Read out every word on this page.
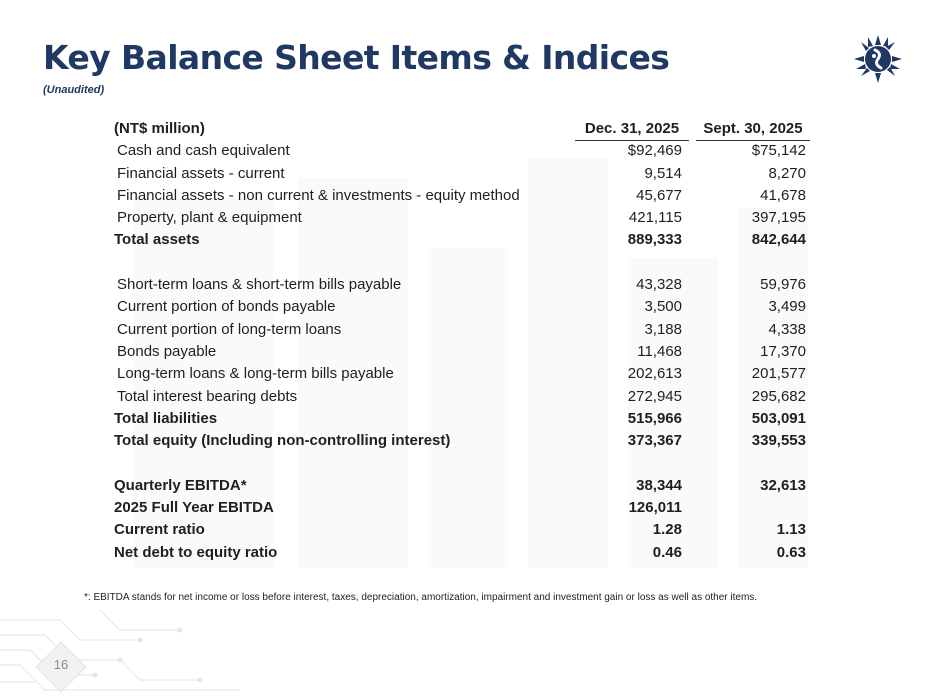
Key Balance Sheet Items & Indices
(Unaudited)
(NT$ million)	Dec. 31, 2025	Sept. 30, 2025
Cash and cash equivalent	$92,469	$75,142
Financial assets - current	9,514	8,270
Financial assets - non current & investments - equity method	45,677	41,678
Property, plant & equipment	421,115	397,195
Total assets	889,333	842,644
Short-term loans & short-term bills payable	43,328	59,976
Current portion of bonds payable	3,500	3,499
Current portion of long-term loans	3,188	4,338
Bonds payable	11,468	17,370
Long-term loans & long-term bills payable	202,613	201,577
Total interest bearing debts	272,945	295,682
Total liabilities	515,966	503,091
Total equity (Including non-controlling interest)	373,367	339,553
Quarterly EBITDA*	38,344	32,613
2025 Full Year EBITDA	126,011
Current ratio	1.28	1.13
Net debt to equity ratio	0.46	0.63
*: EBITDA stands for net income or loss before interest, taxes, depreciation, amortization, impairment and investment gain or loss as well as other items.
16
